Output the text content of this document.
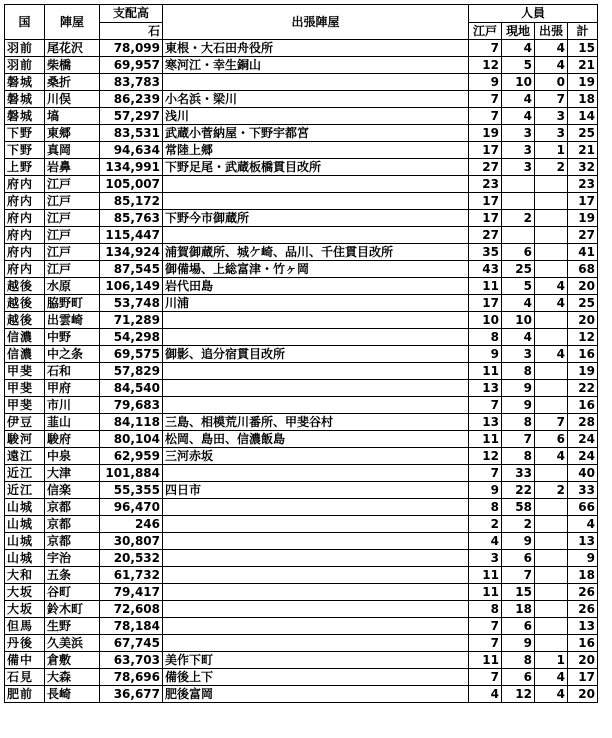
国	陣屋	支配高	出張陣屋	人員			
		石		江戸	現地	出張	計
羽前	尾花沢	78,099	東根・大石田舟役所	7	4	4	15
羽前	柴橋	69,957	寒河江・幸生銅山	12	5	4	21
磐城	桑折	83,783		9	10	0	19
磐城	川俣	86,239	小名浜・梁川	7	4	7	18
磐城	塙	57,297	浅川	7	4	3	14
下野	東郷	83,531	武蔵小菅納屋・下野宇都宮	19	3	3	25
下野	真岡	94,634	常陸上郷	17	3	1	21
上野	岩鼻	134,991	下野足尾・武蔵板橋貫目改所	27	3	2	32
府内	江戸	105,007		23			23
府内	江戸	85,172		17			17
府内	江戸	85,763	下野今市御蔵所	17	2		19
府内	江戸	115,447		27			27
府内	江戸	134,924	浦賀御蔵所、城ケ崎、品川、千住貫目改所	35	6		41
府内	江戸	87,545	御備場、上総富津・竹ヶ岡	43	25		68
越後	水原	106,149	岩代田島	11	5	4	20
越後	脇野町	53,748	川浦	17	4	4	25
越後	出雲崎	71,289		10	10		20
信濃	中野	54,298		8	4		12
信濃	中之条	69,575	御影、追分宿貫目改所	9	3	4	16
甲斐	石和	57,829		11	8		19
甲斐	甲府	84,540		13	9		22
甲斐	市川	79,683		7	9		16
伊豆	韮山	84,118	三島、相模荒川番所、甲斐谷村	13	8	7	28
駿河	駿府	80,104	松岡、島田、信濃飯島	11	7	6	24
遠江	中泉	62,959	三河赤坂	12	8	4	24
近江	大津	101,884		7	33		40
近江	信楽	55,355	四日市	9	22	2	33
山城	京都	96,470		8	58		66
山城	京都	246		2	2		4
山城	京都	30,807		4	9		13
山城	宇治	20,532		3	6		9
大和	五条	61,732		11	7		18
大坂	谷町	79,417		11	15		26
大坂	鈴木町	72,608		8	18		26
但馬	生野	78,184		7	6		13
丹後	久美浜	67,745		7	9		16
備中	倉敷	63,703	美作下町	11	8	1	20
石見	大森	78,696	備後上下	7	6	4	17
肥前	長崎	36,677	肥後富岡	4	12	4	20
